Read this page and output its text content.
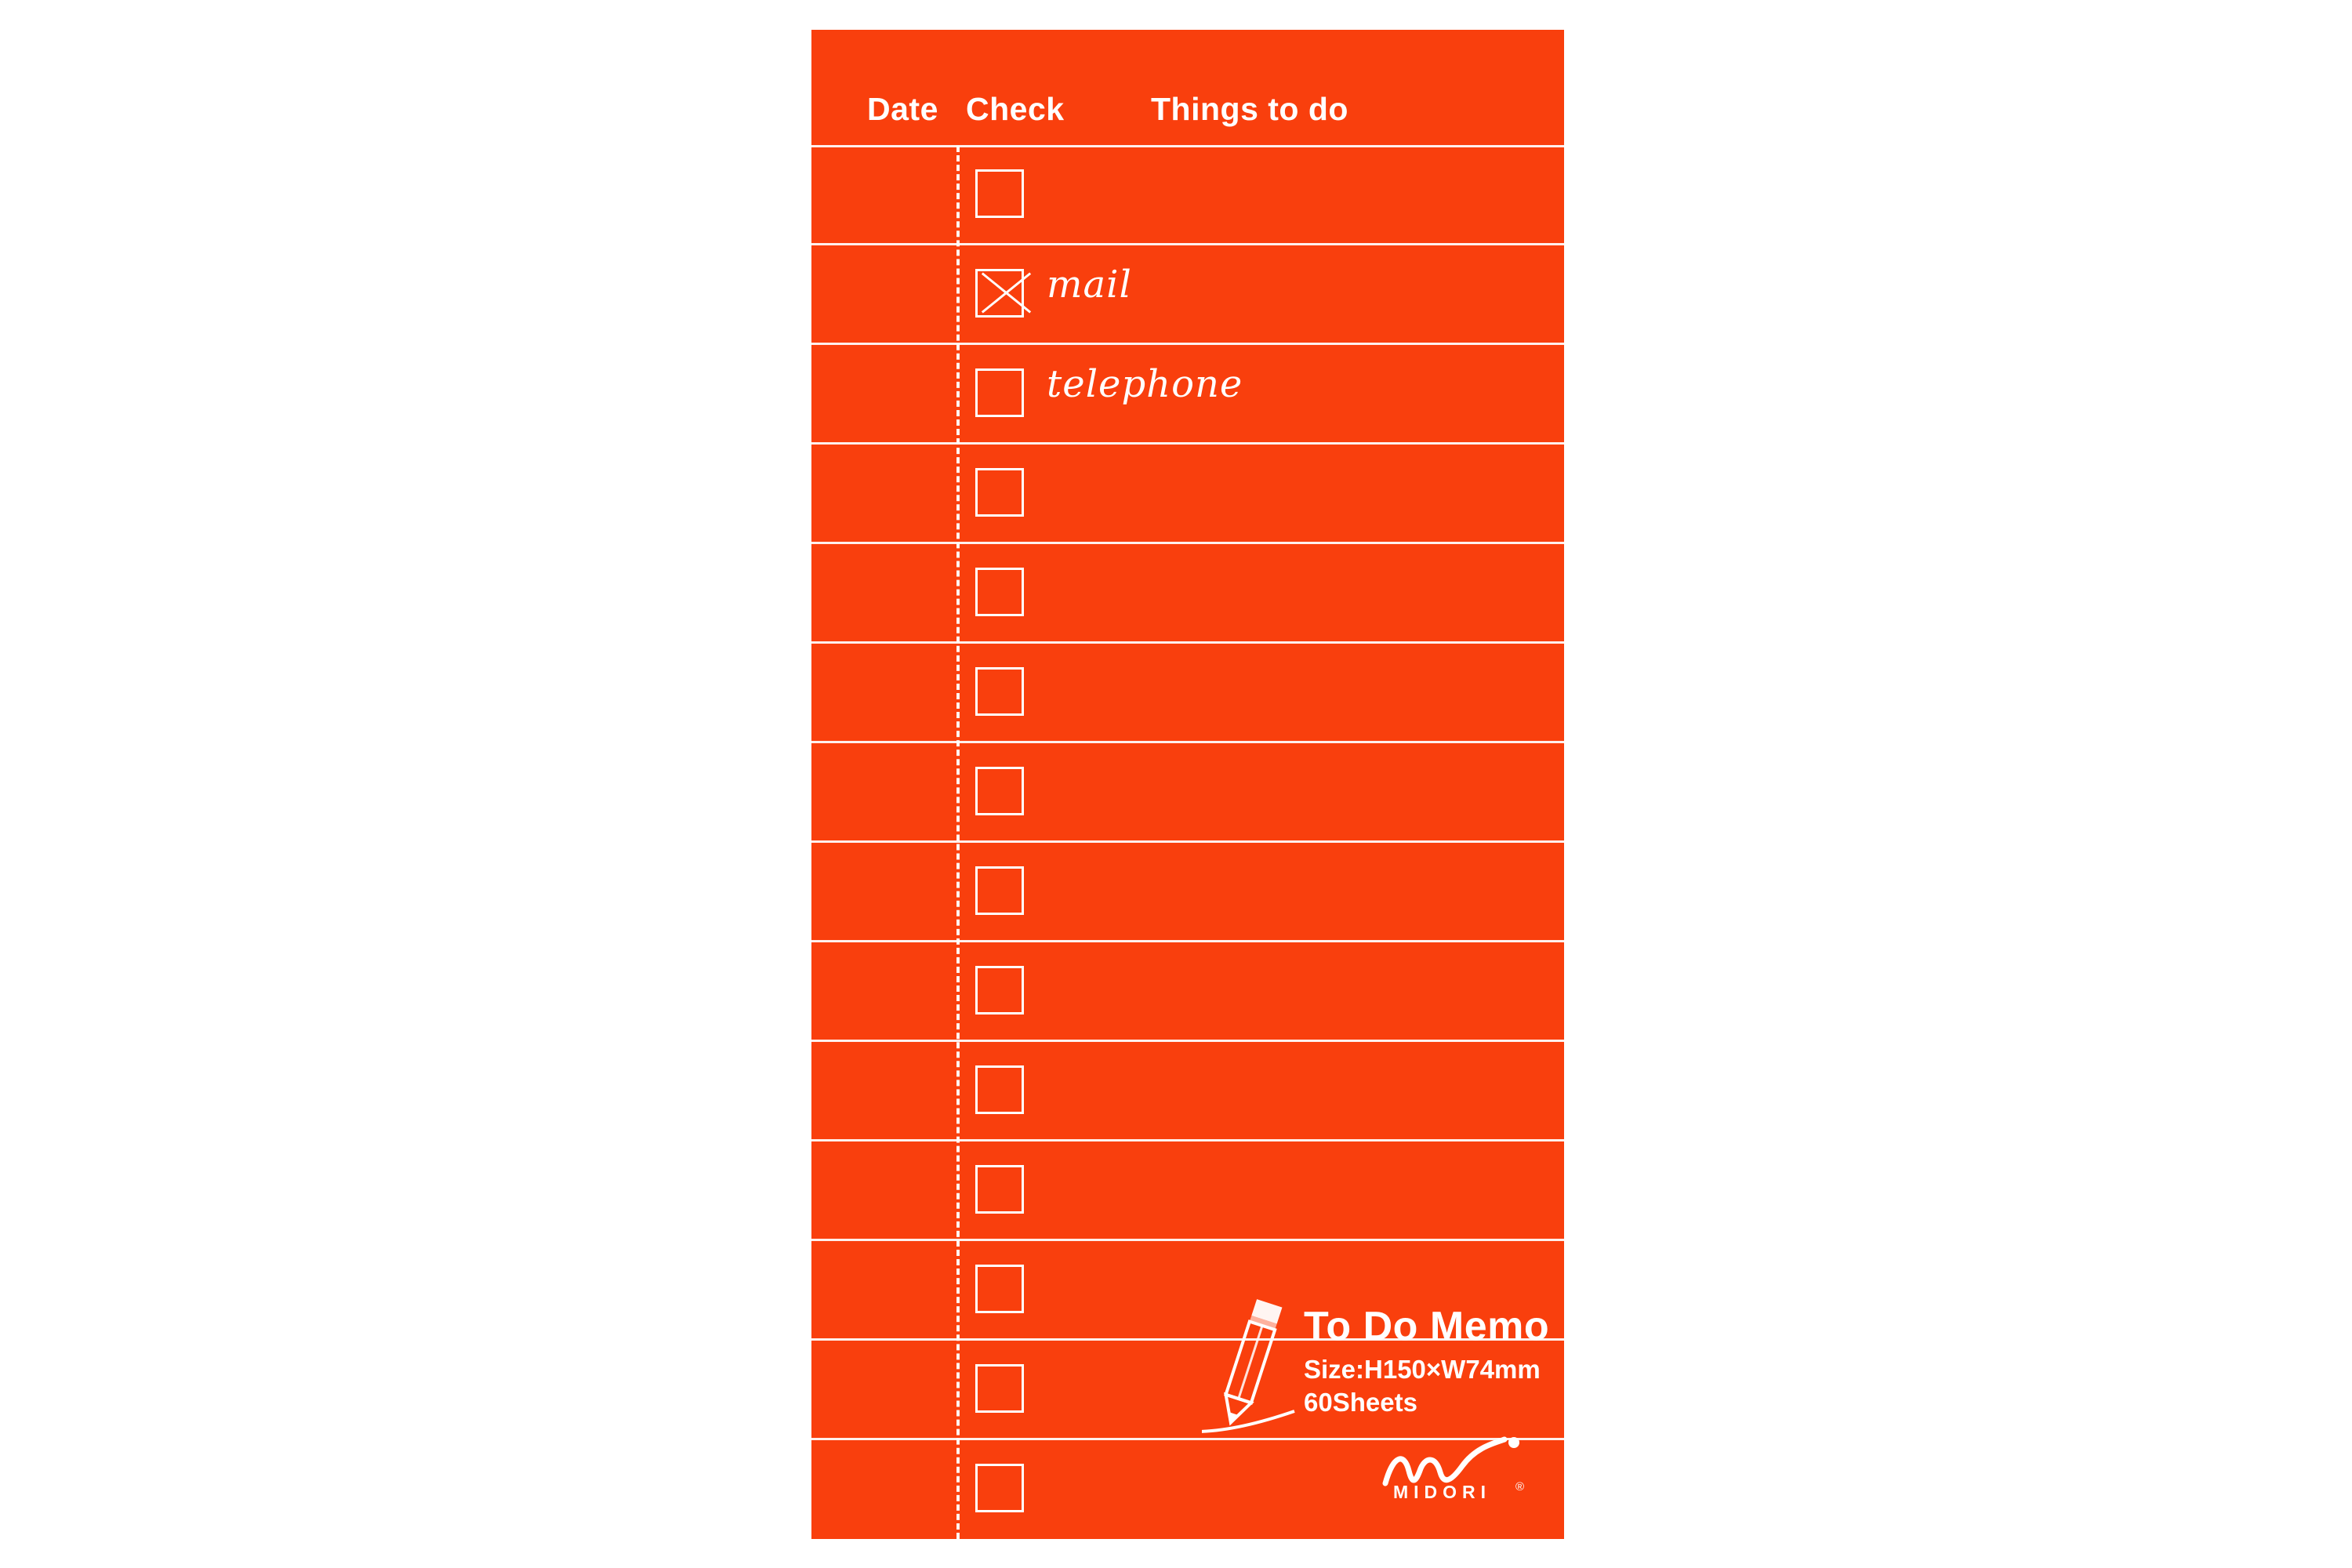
Date Check	Things to do
mail
telephone
To Do Memo
Size:H150×W74mm
60Sheets
MIDORI ®
